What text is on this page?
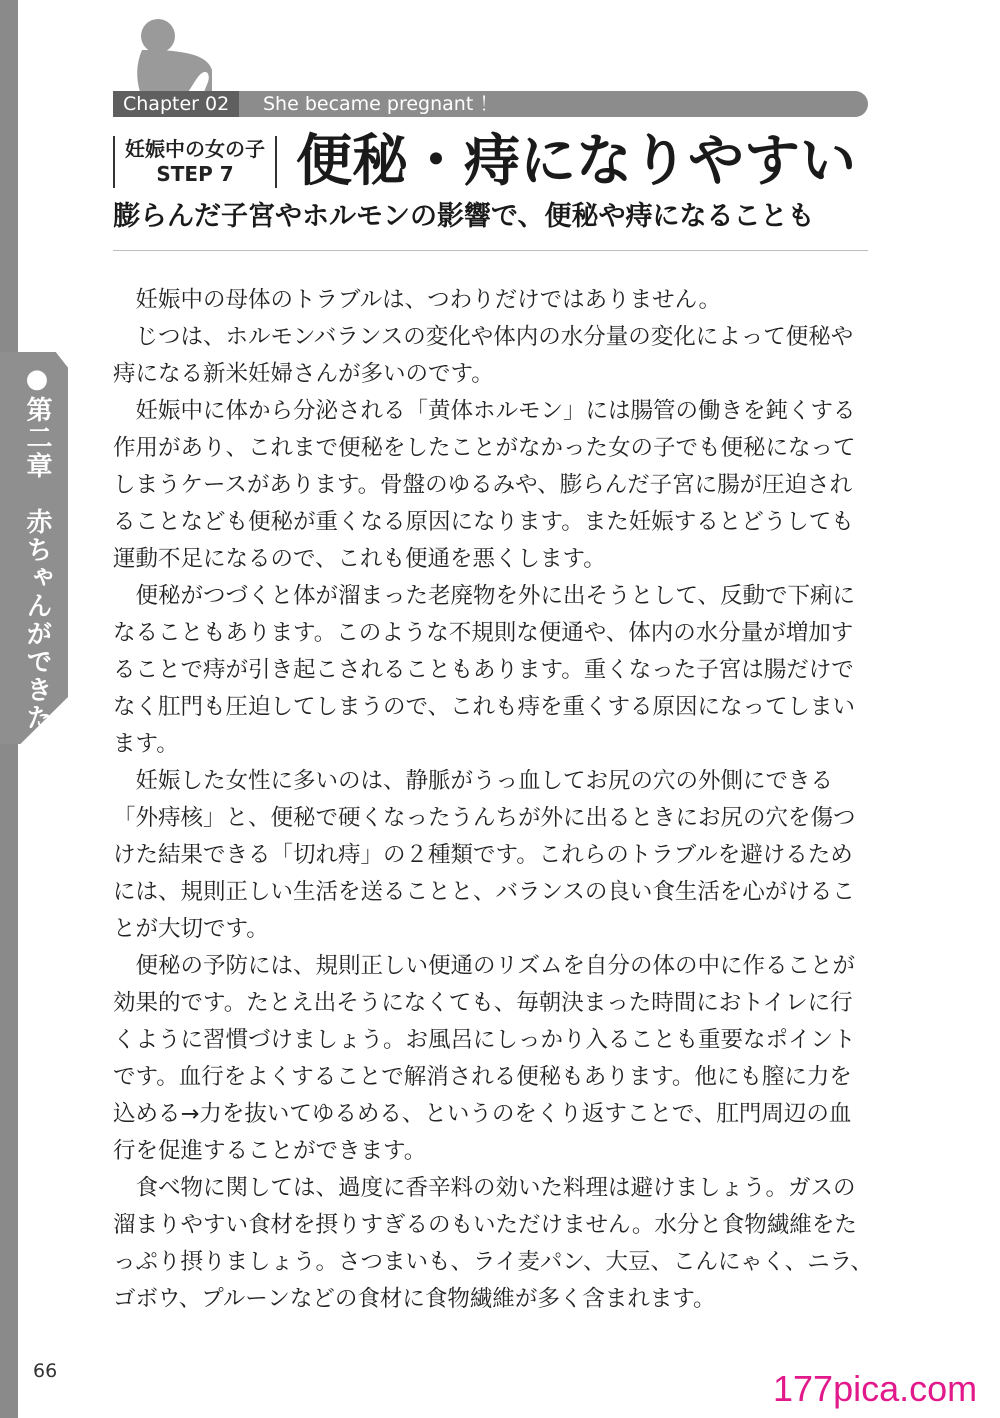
●第二章　赤ちゃんができた！
Chapter 02	She became pregnant ！
妊娠中の女の子
STEP 7	便秘・痔になりやすい
膨らんだ子宮やホルモンの影響で、便秘や痔になることも

妊娠中の母体のトラブルは、つわりだけではありません。

じつは、ホルモンバランスの変化や体内の水分量の変化によって便秘や痔になる新米妊婦さんが多いのです。

妊娠中に体から分泌される「黄体ホルモン」には腸管の働きを鈍くする作用があり、これまで便秘をしたことがなかった女の子でも便秘になってしまうケースがあります。骨盤のゆるみや、膨らんだ子宮に腸が圧迫されることなども便秘が重くなる原因になります。また妊娠するとどうしても運動不足になるので、これも便通を悪くします。

便秘がつづくと体が溜まった老廃物を外に出そうとして、反動で下痢になることもあります。このような不規則な便通や、体内の水分量が増加することで痔が引き起こされることもあります。重くなった子宮は腸だけでなく肛門も圧迫してしまうので、これも痔を重くする原因になってしまいます。

妊娠した女性に多いのは、静脈がうっ血してお尻の穴の外側にできる「外痔核」と、便秘で硬くなったうんちが外に出るときにお尻の穴を傷つけた結果できる「切れ痔」の２種類です。これらのトラブルを避けるためには、規則正しい生活を送ることと、バランスの良い食生活を心がけることが大切です。

便秘の予防には、規則正しい便通のリズムを自分の体の中に作ることが効果的です。たとえ出そうになくても、毎朝決まった時間におトイレに行くように習慣づけましょう。お風呂にしっかり入ることも重要なポイントです。血行をよくすることで解消される便秘もあります。他にも膣に力を込める→力を抜いてゆるめる、というのをくり返すことで、肛門周辺の血行を促進することができます。

食べ物に関しては、過度に香辛料の効いた料理は避けましょう。ガスの溜まりやすい食材を摂りすぎるのもいただけません。水分と食物繊維をたっぷり摂りましょう。さつまいも、ライ麦パン、大豆、こんにゃく、ニラ、ゴボウ、プルーンなどの食材に食物繊維が多く含まれます。

66	177pica.com
